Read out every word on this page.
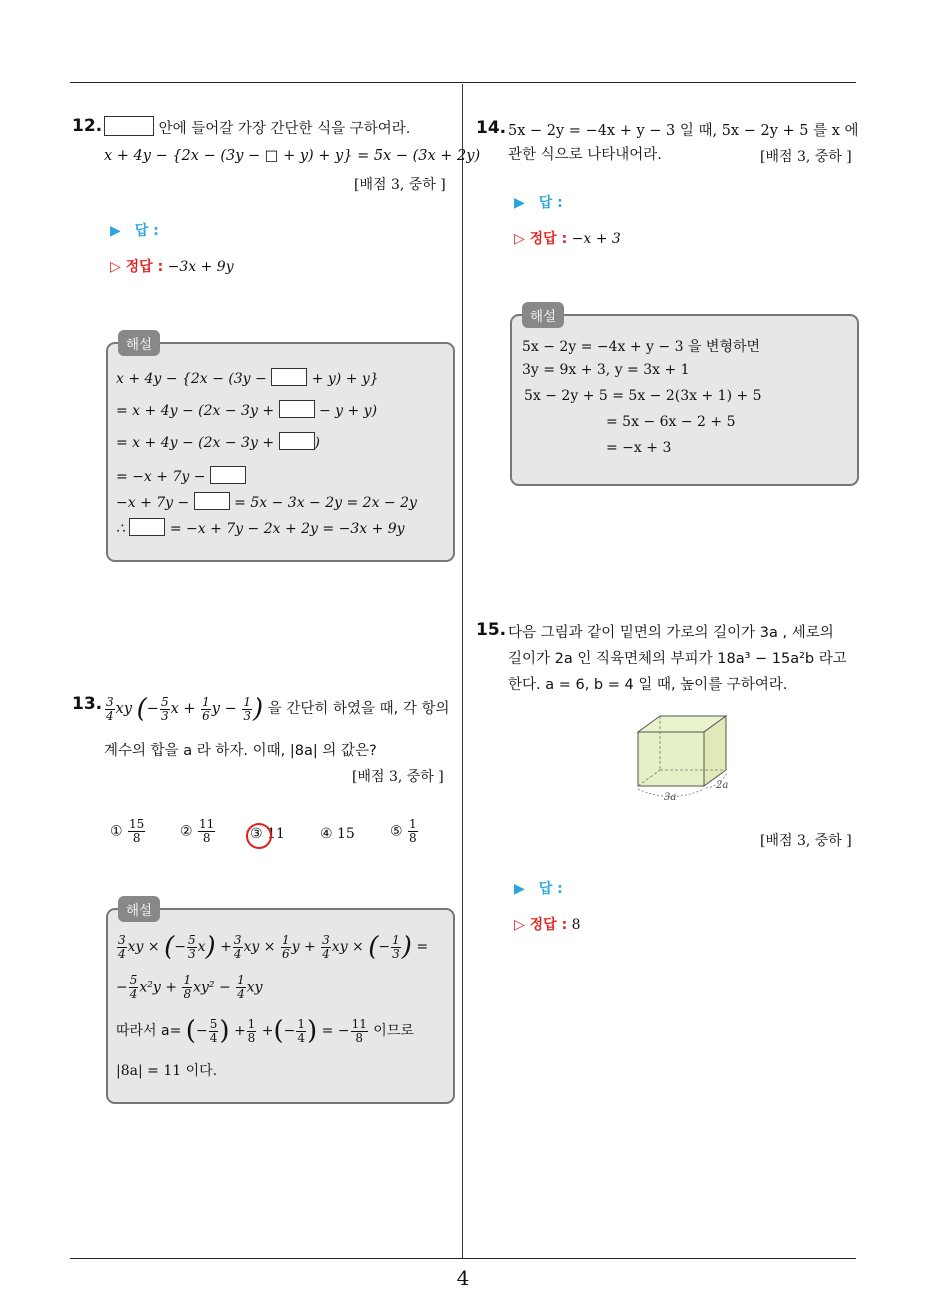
4
12.	안에 들어갈 가장 간단한 식을 구하여라.
x + 4y − {2x − (3y − □ + y) + y} = 5x − (3x + 2y)
[배점 3, 중하 ]
▶ 답 :
▷ 정답 : −3x + 9y
해설
x + 4y − {2x − (3y −	+ y) + y}
= x + 4y − (2x − 3y +	− y + y)
= x + 4y − (2x − 3y +	)
= −x + 7y −
−x + 7y −	= 5x − 3x − 2y = 2x − 2y
∴	= −x + 7y − 2x + 2y = −3x + 9y
13. $\frac{3}{4}$ xy (− $\frac{5}{3}$ $x + \frac{1}{6}$ $y - \frac{1}{3}$ ) 을 간단히 하였을 때, 각 항의
계수의 합을 a 라 하자. 이때, |8a| 의 값은?
[배점 3, 중하 ]
① $\frac{15}{8}$ ② $\frac{11}{8}$ ③ 11	④ 15	⑤ $\frac{1}{8}$
해설
$\frac{3}{4}$ xy × (− $\frac{5}{3} x) + \frac{3}{4}$ xy × $\frac{1}{6}$ $y + \frac{3}{4}$ xy × (− $\frac{1}{3}$ ) =
− $\frac{5}{4} x^2y + \frac{1}{8} xy^2 - \frac{1}{4}$ xy
따라서 a= (− $\frac{5}{4}$ ) + $\frac{1}{8}$ +(− $\frac{1}{4}$ ) = − $\frac{11}{8}$ 이므로
|8a| = 11 이다.
14. 5x − 2y = −4x + y − 3 일 때, 5x − 2y + 5 를 x 에
관한 식으로 나타내어라.	[배점 3, 중하 ]
▶ 답 :
▷ 정답 : −x + 3
해설
5x − 2y = −4x + y − 3 을 변형하면
3y = 9x + 3, y = 3x + 1
5x − 2y + 5 = 5x − 2(3x + 1) + 5
= 5x − 6x − 2 + 5
= −x + 3
15. 다음 그림과 같이 밑면의 가로의 길이가 3a , 세로의
길이가 2a 인 직육면체의 부피가 18a³ − 15a²b 라고
한다. a = 6, b = 4 일 때, 높이를 구하여라.
3a
2a
[배점 3, 중하 ]
▶ 답 :
▷ 정답 : 8
